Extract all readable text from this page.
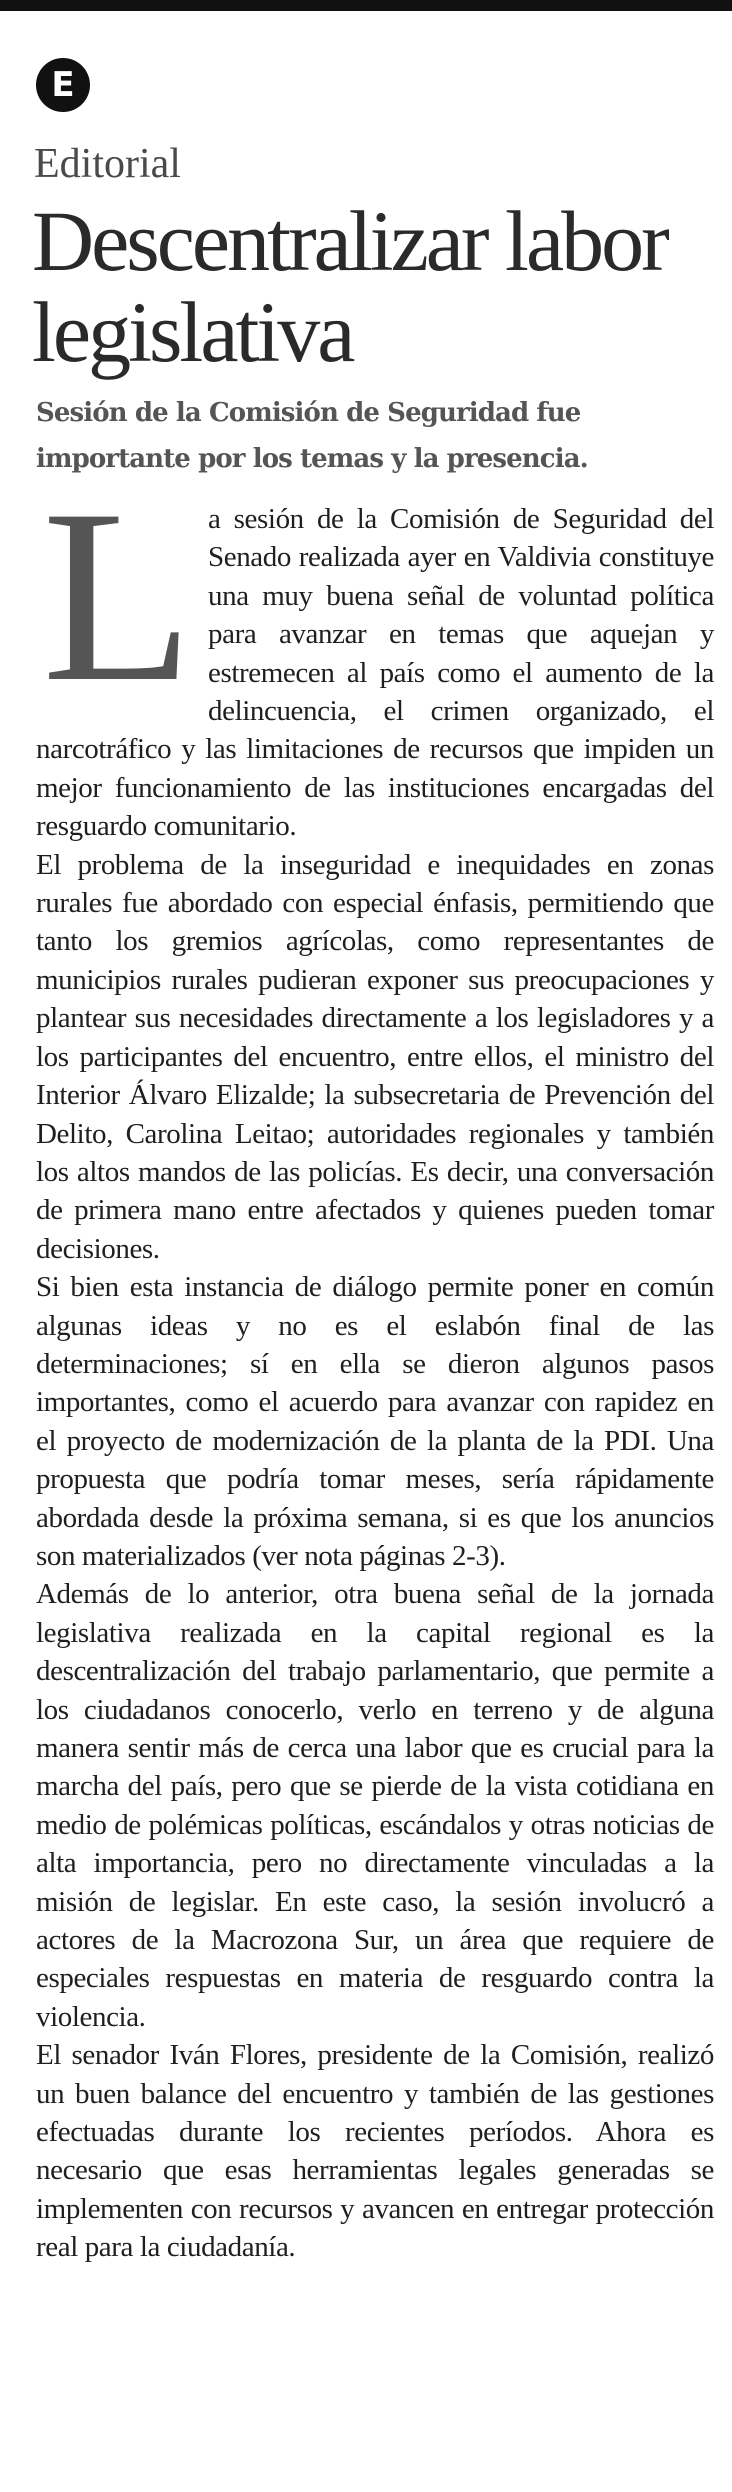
E
Editorial
Descentralizar labor legislativa

Sesión de la Comisión de Seguridad fue importante por los temas y la presencia.

L a sesión de la Comisión de Seguridad del Senado realizada ayer en Valdivia constituye una muy buena señal de voluntad política para avanzar en temas que aquejan y estremecen al país como el aumento de la delincuencia, el crimen organizado, el narcotráfico y las limitaciones de recursos que impiden un mejor funcionamiento de las instituciones encargadas del resguardo comunitario.

El problema de la inseguridad e inequidades en zonas rurales fue abordado con especial énfasis, permitiendo que tanto los gremios agrícolas, como representantes de municipios rurales pudieran exponer sus preocupaciones y plantear sus necesidades directamente a los legisladores y a los participantes del encuentro, entre ellos, el ministro del Interior Álvaro Elizalde; la subsecretaria de Prevención del Delito, Carolina Leitao; autoridades regionales y también los altos mandos de las policías. Es decir, una conversación de primera mano entre afectados y quienes pueden tomar decisiones.

Si bien esta instancia de diálogo permite poner en común algunas ideas y no es el eslabón final de las determinaciones; sí en ella se dieron algunos pasos importantes, como el acuerdo para avanzar con rapidez en el proyecto de modernización de la planta de la PDI. Una propuesta que podría tomar meses, sería rápidamente abordada desde la próxima semana, si es que los anuncios son materializados (ver nota páginas 2-3).

Además de lo anterior, otra buena señal de la jornada legislativa realizada en la capital regional es la descentralización del trabajo parlamentario, que permite a los ciudadanos conocerlo, verlo en terreno y de alguna manera sentir más de cerca una labor que es crucial para la marcha del país, pero que se pierde de la vista cotidiana en medio de polémicas políticas, escándalos y otras noticias de alta importancia, pero no directamente vinculadas a la misión de legislar. En este caso, la sesión involucró a actores de la Macrozona Sur, un área que requiere de especiales respuestas en materia de resguardo contra la violencia.

El senador Iván Flores, presidente de la Comisión, realizó un buen balance del encuentro y también de las gestiones efectuadas durante los recientes períodos. Ahora es necesario que esas herramientas legales generadas se implementen con recursos y avancen en entregar protección real para la ciudadanía.
